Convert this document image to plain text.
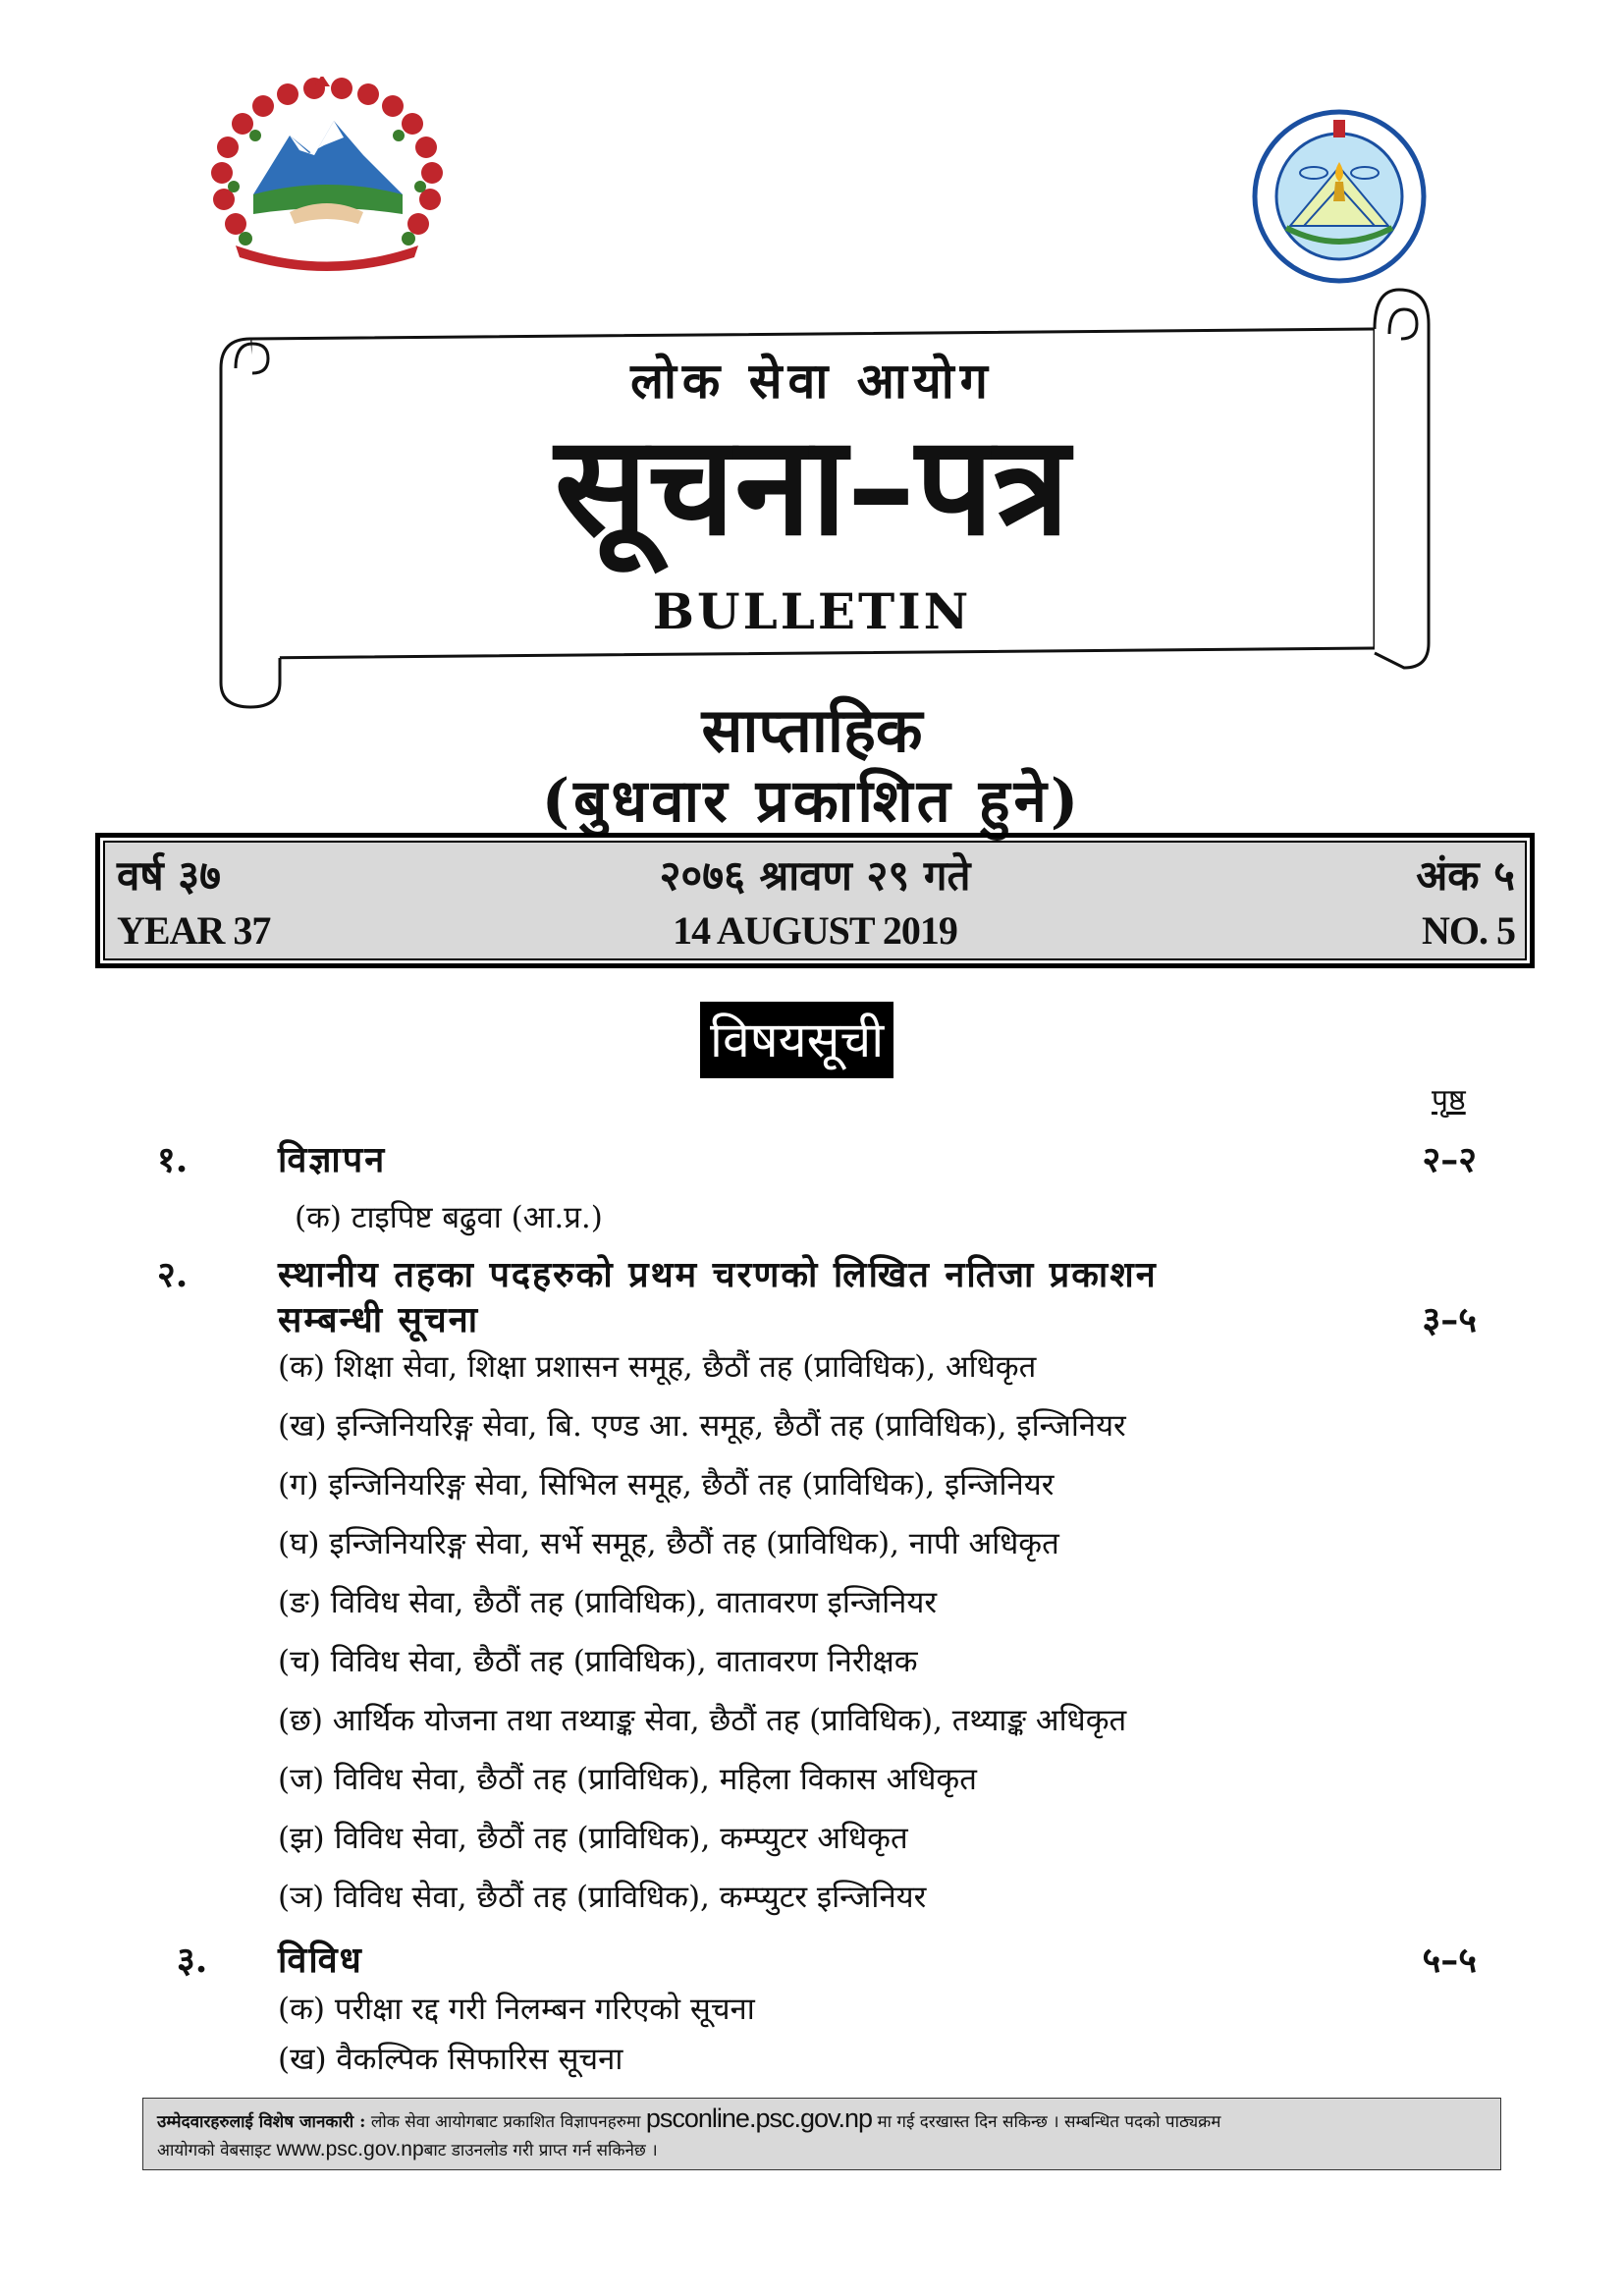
लोक सेवा आयोग
सूचना–पत्र
BULLETIN
साप्ताहिक
(बुधवार प्रकाशित हुने)
वर्ष ३७
YEAR 37
२०७६ श्रावण २९ गते
14 AUGUST 2019
अंक ५
NO. 5
विषयसूची
पृष्ठ
१.	विज्ञापन	२–२
(क) टाइपिष्ट बढुवा (आ.प्र.)
२.	स्थानीय तहका पदहरुको प्रथम चरणको लिखित नतिजा प्रकाशन
सम्बन्धी सूचना	३–५
(क) शिक्षा सेवा, शिक्षा प्रशासन समूह, छैठौं तह (प्राविधिक), अधिकृत
(ख) इन्जिनियरिङ्ग सेवा, बि. एण्ड आ. समूह, छैठौं तह (प्राविधिक), इन्जिनियर
(ग) इन्जिनियरिङ्ग सेवा, सिभिल समूह, छैठौं तह (प्राविधिक), इन्जिनियर
(घ) इन्जिनियरिङ्ग सेवा, सर्भे समूह, छैठौं तह (प्राविधिक), नापी अधिकृत
(ङ) विविध सेवा, छैठौं तह (प्राविधिक), वातावरण इन्जिनियर
(च) विविध सेवा, छैठौं तह (प्राविधिक), वातावरण निरीक्षक
(छ) आर्थिक योजना तथा तथ्याङ्क सेवा, छैठौं तह (प्राविधिक), तथ्याङ्क अधिकृत
(ज) विविध सेवा, छैठौं तह (प्राविधिक), महिला विकास अधिकृत
(झ) विविध सेवा, छैठौं तह (प्राविधिक), कम्प्युटर अधिकृत
(ञ) विविध सेवा, छैठौं तह (प्राविधिक), कम्प्युटर इन्जिनियर
३. विविध	५–५
(क) परीक्षा रद्द गरी निलम्बन गरिएको सूचना
(ख) वैकल्पिक सिफारिस सूचना
उम्मेदवारहरुलाई विशेष जानकारी : लोक सेवा आयोगबाट प्रकाशित विज्ञापनहरुमा psconline.psc.gov.np मा गई दरखास्त दिन सकिन्छ । सम्बन्धित पदको पाठ्यक्रम
आयोगको वेबसाइट www.psc.gov.npबाट डाउनलोड गरी प्राप्त गर्न सकिनेछ ।
